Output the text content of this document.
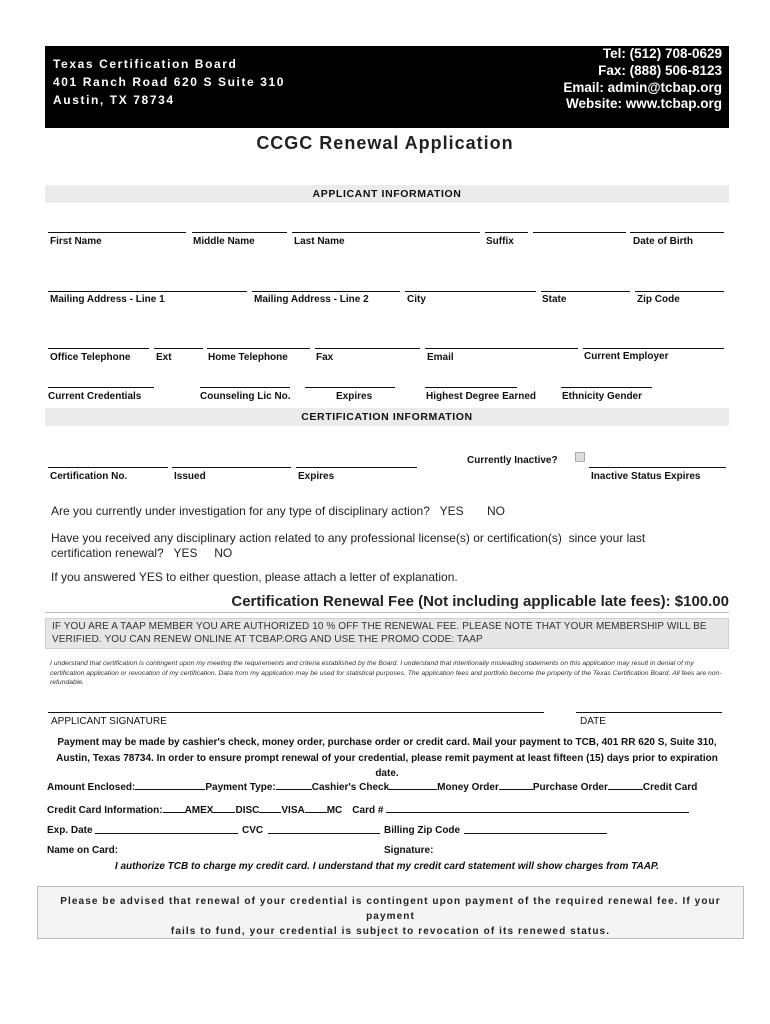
Texas Certification Board
401 Ranch Road 620 S Suite 310
Austin, TX 78734
Tel: (512) 708-0629
Fax: (888) 506-8123
Email: admin@tcbap.org
Website: www.tcbap.org
CCGC Renewal Application
APPLICANT INFORMATION
First Name	Middle Name	Last Name	Suffix	Date of Birth
Mailing Address - Line 1	Mailing Address - Line 2	City	State	Zip Code
Office Telephone	Ext	Home Telephone	Fax	Email	Current Employer
Current Credentials	Counseling Lic No.	Expires	Highest Degree Earned	Ethnicity Gender
CERTIFICATION INFORMATION
Currently Inactive?
Certification No.	Issued	Expires	Inactive Status Expires
Are you currently under investigation for any type of disciplinary action?   YES       NO
Have you received any disciplinary action related to any professional license(s) or certification(s)  since your last
certification renewal?   YES     NO
If you answered YES to either question, please attach a letter of explanation.
Certification Renewal Fee (Not including applicable late fees): $100.00
IF YOU ARE A TAAP MEMBER YOU ARE AUTHORIZED 10 % OFF THE RENEWAL FEE. PLEASE NOTE THAT YOUR MEMBERSHIP WILL BE
VERIFIED. YOU CAN RENEW ONLINE AT TCBAP.ORG AND USE THE PROMO CODE: TAAP
I understand that certification is contingent upon my meeting the requirements and criteria established by the Board. I understand that intentionally misleading statements on this application may result in denial of my certification application or revocation of my certification. Data from my application may be used for statistical purposes. The application fees and portfolio become the property of the Texas Certification Board. All fees are non-refundable.
APPLICANT SIGNATURE	DATE
Payment may be made by cashier's check, money order, purchase order or credit card. Mail your payment to TCB, 401 RR 620 S, Suite 310,
Austin, Texas 78734. In order to ensure prompt renewal of your credential, please remit payment at least fifteen (15) days prior to expiration date.
Amount Enclosed:	Payment Type:	Cashier's Check	Money Order	Purchase Order	Credit Card
Credit Card Information: AMEX DISC VISA MC Card #
Exp. Date	CVC	Billing Zip Code
Name on Card:	Signature:
I authorize TCB to charge my credit card. I understand that my credit card statement will show charges from TAAP.
Please be advised that renewal of your credential is contingent upon payment of the required renewal fee. If your payment
fails to fund, your credential is subject to revocation of its renewed status.
